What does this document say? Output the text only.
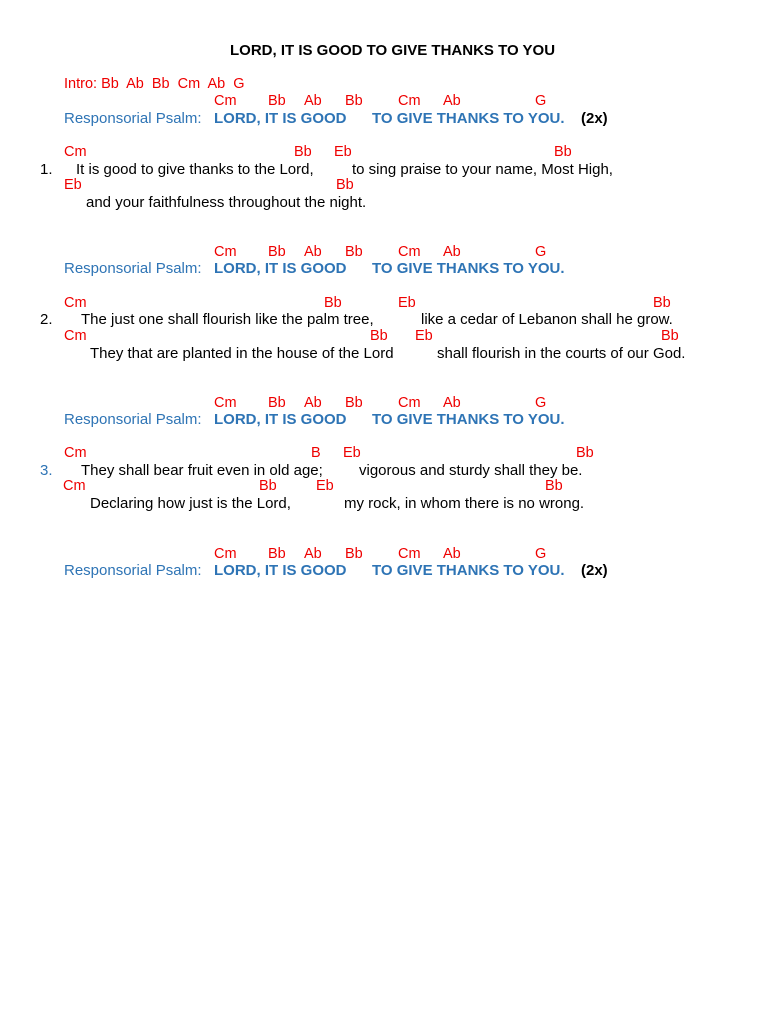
LORD, IT IS GOOD TO GIVE THANKS TO YOU
Intro: Bb  Ab  Bb  Cm  Ab  G
Cm Bb Ab Bb Cm Ab	G
Responsorial Psalm: LORD, IT IS GOOD TO GIVE THANKS TO YOU. (2x)
Cm	Bb Eb	Bb
1. It is good to give thanks to the Lord,	to sing praise to your name, Most High,
Eb	Bb
and your faithfulness throughout the night.
Cm Bb Ab Bb Cm Ab	G
Responsorial Psalm: LORD, IT IS GOOD TO GIVE THANKS TO YOU.
Cm	Bb	Eb	Bb
2. The just one shall flourish like the palm tree,	like a cedar of Lebanon shall he grow.
Cm	Bb Eb	Bb
They that are planted in the house of the Lord	shall flourish in the courts of our God.
Cm Bb Ab Bb Cm Ab	G
Responsorial Psalm: LORD, IT IS GOOD TO GIVE THANKS TO YOU.
Cm	B Eb	Bb
3. They shall bear fruit even in old age; vigorous and sturdy shall they be.
Cm	Bb	Eb	Bb
Declaring how just is the Lord,	my rock, in whom there is no wrong.
Cm Bb Ab Bb Cm Ab	G
Responsorial Psalm: LORD, IT IS GOOD TO GIVE THANKS TO YOU. (2x)
